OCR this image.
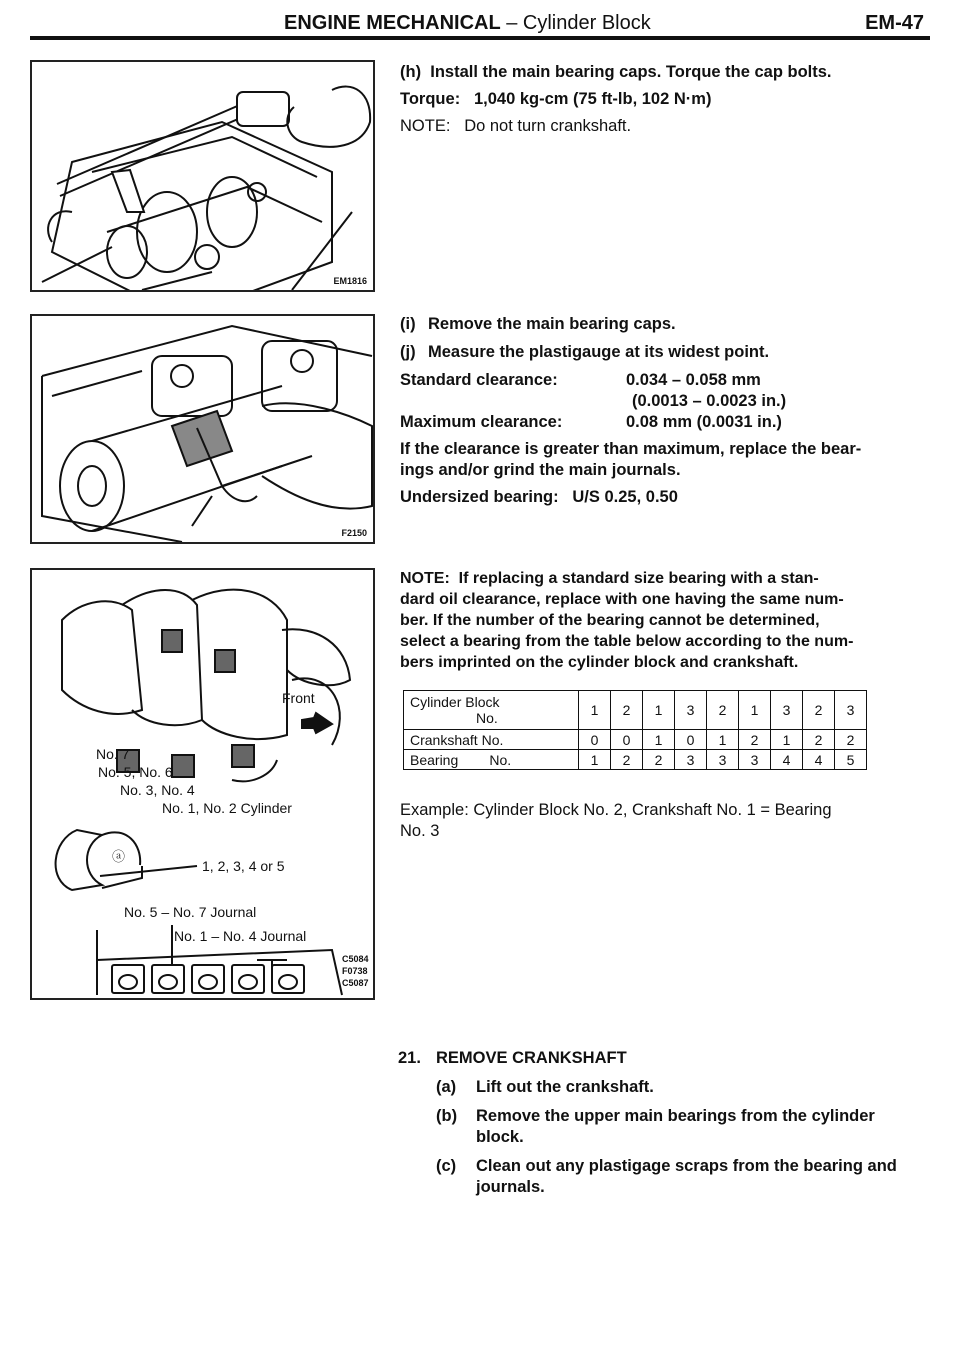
ENGINE MECHANICAL – Cylinder Block	EM-47
EM1816
F2150
Front
No. 7
No. 5, No. 6
No. 3, No. 4
No. 1, No. 2 Cylinder
ⓐ
1, 2, 3, 4 or 5
No. 5 – No. 7 Journal
No. 1 – No. 4 Journal
C5084
F0738
C5087
(h) Install the main bearing caps. Torque the cap bolts.
Torque: 1,040 kg-cm (75 ft-lb, 102 N·m)
NOTE: Do not turn crankshaft.
(i) Remove the main bearing caps.
(j) Measure the plastigauge at its widest point.
Standard clearance:	0.034 – 0.058 mm
(0.0013 – 0.0023 in.)
Maximum clearance:	0.08 mm (0.0031 in.)
If the clearance is greater than maximum, replace the bear-
ings and/or grind the main journals.
Undersized bearing: U/S 0.25, 0.50
NOTE: If replacing a standard size bearing with a stan-
dard oil clearance, replace with one having the same num-
ber. If the number of the bearing cannot be determined,
select a bearing from the table below according to the num-
bers imprinted on the cylinder block and crankshaft.
Cylinder Block
No.	1	2	1	3	2	1	3	2	3
Crankshaft No.	0	0	1	0	1	2	1	2	2
Bearing        No.	1	2	2	3	3	3	4	4	5
Example: Cylinder Block No. 2, Crankshaft No. 1 = Bearing
No. 3
21. REMOVE CRANKSHAFT
(a) Lift out the crankshaft.
(b) Remove the upper main bearings from the cylinder
block.
(c) Clean out any plastigage scraps from the bearing and
journals.
